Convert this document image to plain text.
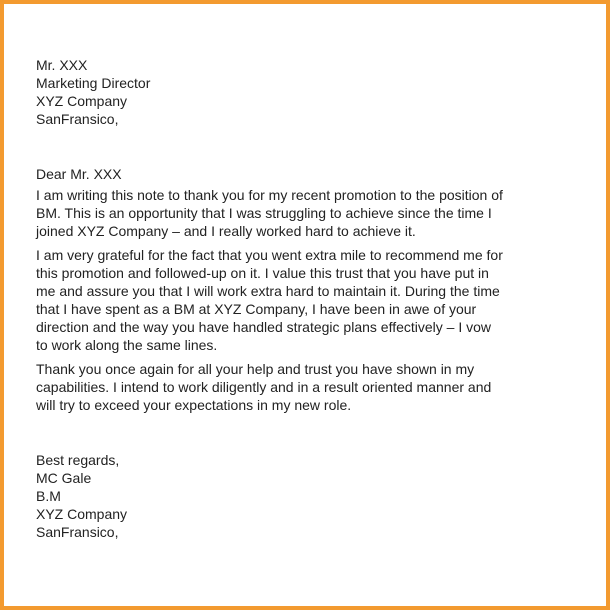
Mr. XXX
Marketing Director
XYZ Company
SanFransico,
Dear Mr. XXX
I am writing this note to thank you for my recent promotion to the position of
BM. This is an opportunity that I was struggling to achieve since the time I
joined XYZ Company – and I really worked hard to achieve it.
I am very grateful for the fact that you went extra mile to recommend me for
this promotion and followed-up on it. I value this trust that you have put in
me and assure you that I will work extra hard to maintain it. During the time
that I have spent as a BM at XYZ Company, I have been in awe of your
direction and the way you have handled strategic plans effectively – I vow
to work along the same lines.
Thank you once again for all your help and trust you have shown in my
capabilities. I intend to work diligently and in a result oriented manner and
will try to exceed your expectations in my new role.
Best regards,
MC Gale
B.M
XYZ Company
SanFransico,
